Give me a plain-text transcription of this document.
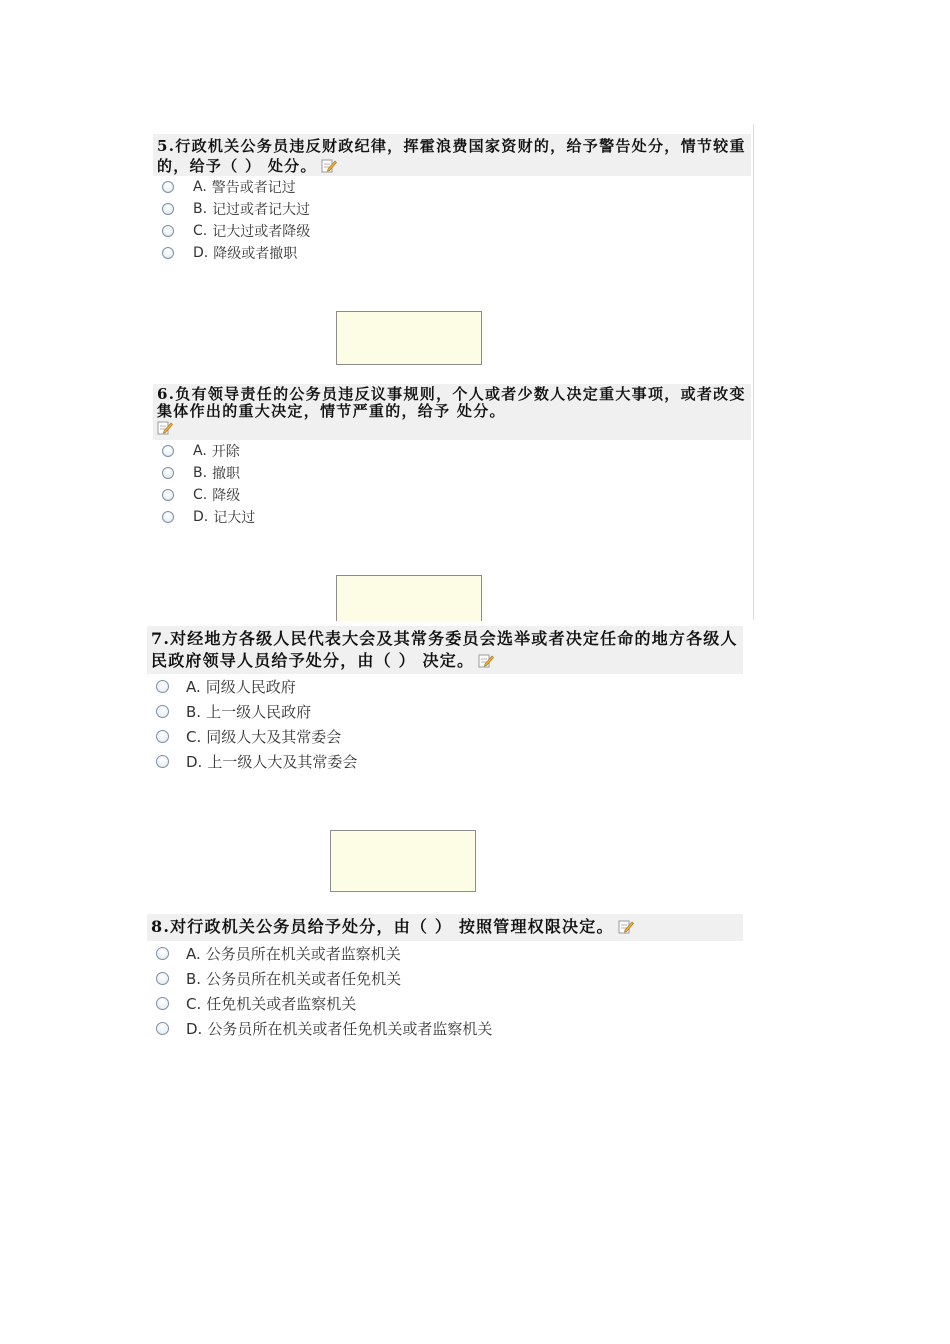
5.行政机关公务员违反财政纪律，挥霍浪费国家资财的，给予警告处分，情节较重的，给予（ ） 处分。
A. 警告或者记过
B. 记过或者记大过
C. 记大过或者降级
D. 降级或者撤职
6.负有领导责任的公务员违反议事规则，个人或者少数人决定重大事项，或者改变集体作出的重大决定，情节严重的，给予 处分。

A. 开除
B. 撤职
C. 降级
D. 记大过
7.对经地方各级人民代表大会及其常务委员会选举或者决定任命的地方各级人民政府领导人员给予处分，由（ ） 决定。
A. 同级人民政府
B. 上一级人民政府
C. 同级人大及其常委会
D. 上一级人大及其常委会
8.对行政机关公务员给予处分，由（ ） 按照管理权限决定。
A. 公务员所在机关或者监察机关
B. 公务员所在机关或者任免机关
C. 任免机关或者监察机关
D. 公务员所在机关或者任免机关或者监察机关
